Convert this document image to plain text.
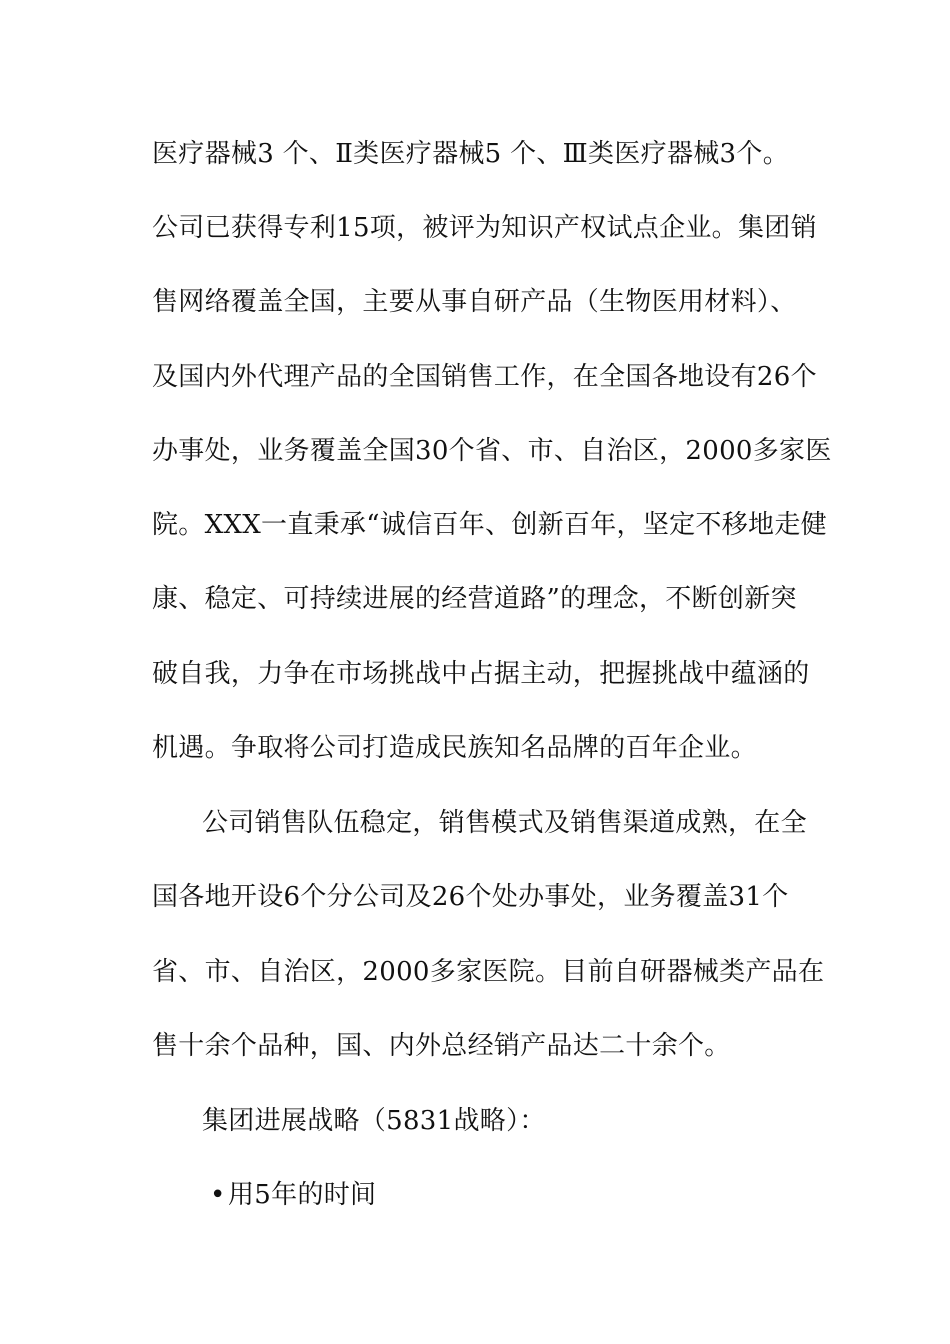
医疗器械3 个、Ⅱ类医疗器械5 个、Ⅲ类医疗器械3个。
公司已获得专利15项，被评为知识产权试点企业。集团销
售网络覆盖全国，主要从事自研产品（生物医用材料）、
及国内外代理产品的全国销售工作，在全国各地设有26个
办事处，业务覆盖全国30个省、市、自治区，2000多家医
院。XXX一直秉承“诚信百年、创新百年，坚定不移地走健
康、稳定、可持续进展的经营道路”的理念，不断创新突
破自我，力争在市场挑战中占据主动，把握挑战中蕴涵的
机遇。争取将公司打造成民族知名品牌的百年企业。
公司销售队伍稳定，销售模式及销售渠道成熟，在全
国各地开设6个分公司及26个处办事处，业务覆盖31个
省、市、自治区，2000多家医院。目前自研器械类产品在
售十余个品种，国、内外总经销产品达二十余个。
集团进展战略（5831战略）：
•用5年的时间
